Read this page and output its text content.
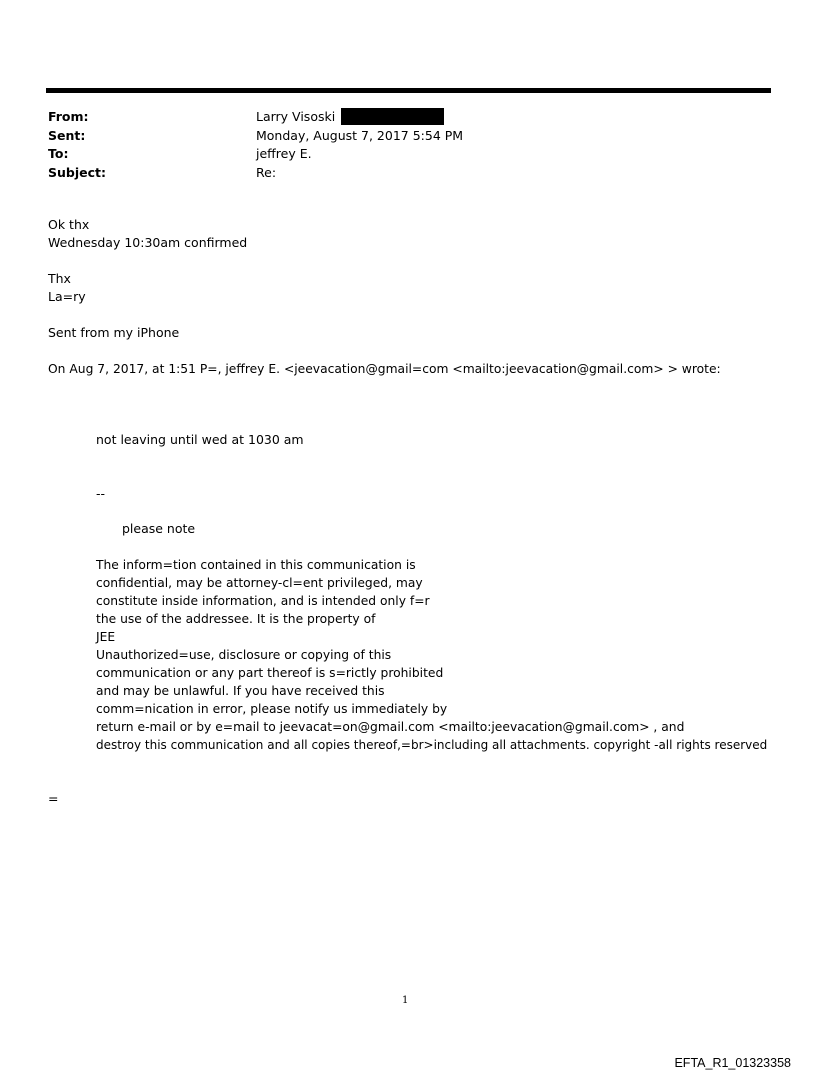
From:	Larry Visoski
Sent:	Monday, August 7, 2017 5:54 PM
To:	jeffrey E.
Subject:	Re:
Ok thx
Wednesday 10:30am confirmed
Thx
La=ry
Sent from my iPhone
On Aug 7, 2017, at 1:51 P=, jeffrey E. <jeevacation@gmail=com <mailto:jeevacation@gmail.com> > wrote:
not leaving until wed at 1030 am
--
please note
The inform=tion contained in this communication is
confidential, may be attorney-cl=ent privileged, may
constitute inside information, and is intended only f=r
the use of the addressee. It is the property of
JEE
Unauthorized=use, disclosure or copying of this
communication or any part thereof is s=rictly prohibited
and may be unlawful. If you have received this
comm=nication in error, please notify us immediately by
return e-mail or by e=mail to jeevacat=on@gmail.com <mailto:jeevacation@gmail.com> , and
destroy this communication and all copies thereof,=br>including all attachments. copyright -all rights reserved
=
1
EFTA_R1_01323358
